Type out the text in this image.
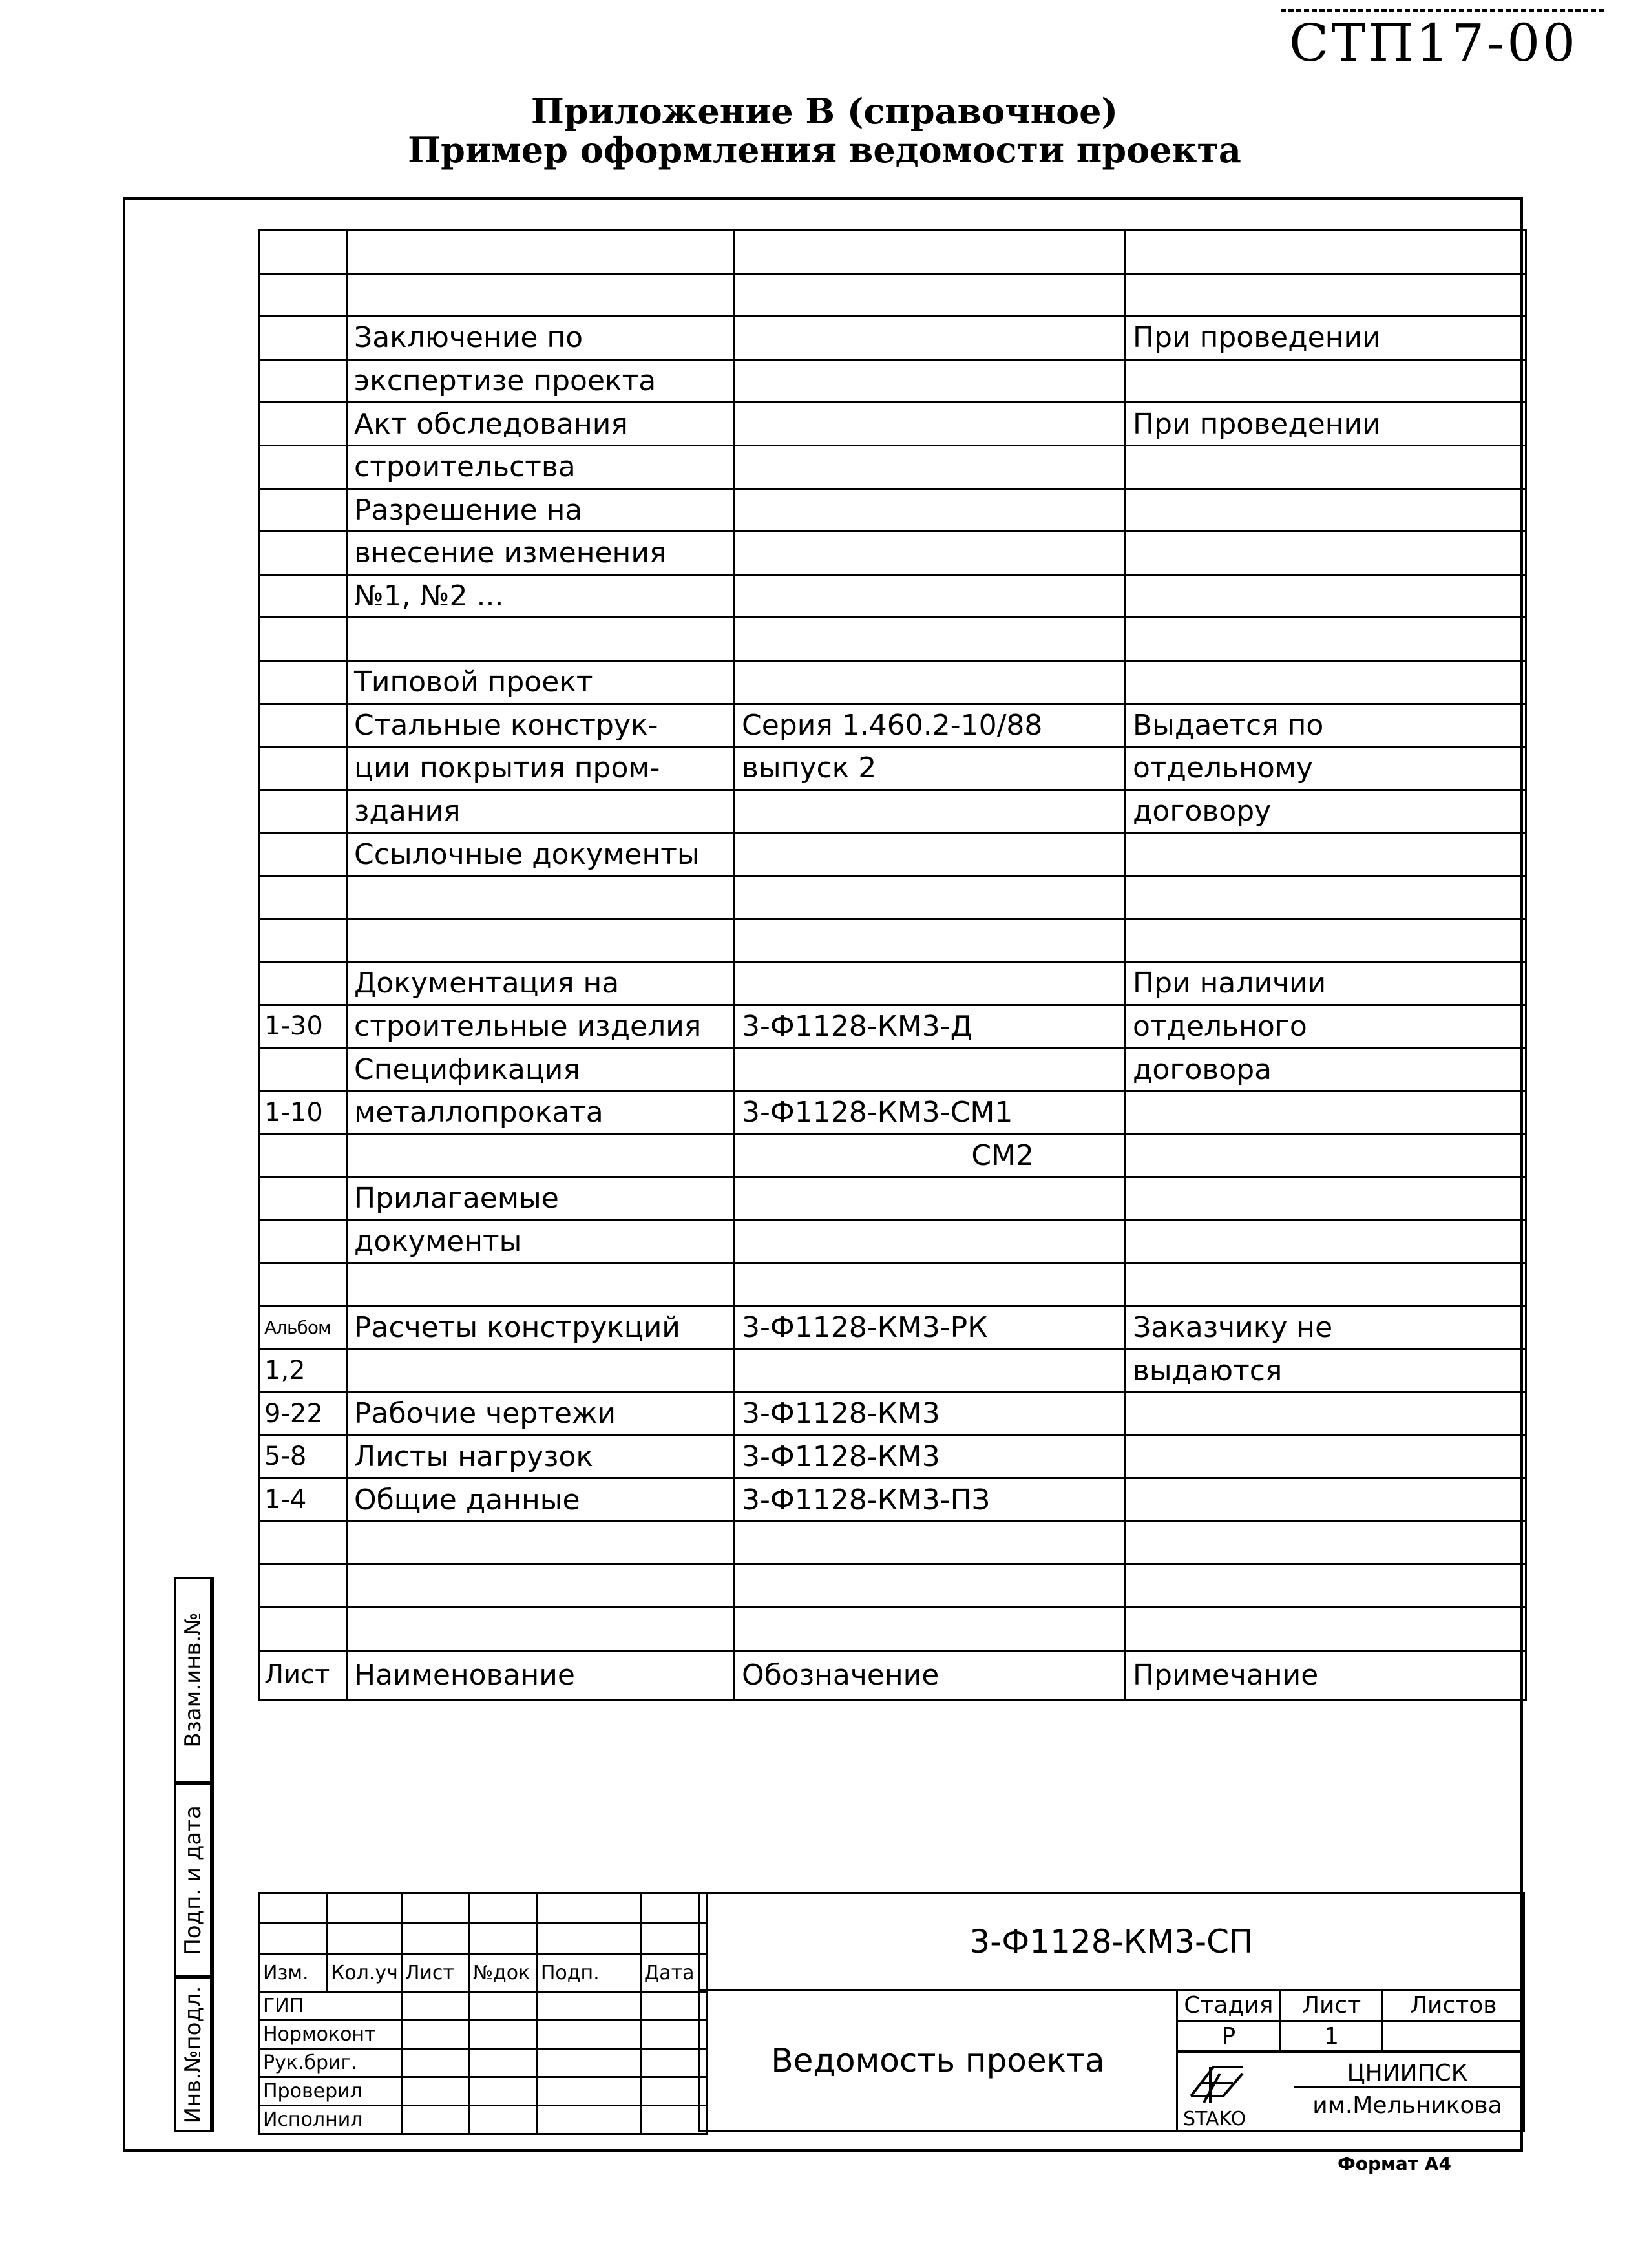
СТП17-00
Приложение В (справочное)
Пример оформления ведомости проекта

	Заключение по		При проведении
	экспертизе проекта		
	Акт обследования		При проведении
	строительства		
	Разрешение на		
	внесение изменения		
	№1, №2 ...		

	Типовой проект		
	Стальные конструк-	Серия 1.460.2-10/88	Выдается по
	ции покрытия пром-	выпуск 2	отдельному
	здания		договору
	Ссылочные документы		

	Документация на		При наличии
1-30	строительные изделия	3-Ф1128-КМ3-Д	отдельного
	Спецификация		договора
1-10	металлопроката	3-Ф1128-КМ3-СМ1	
		СМ2	
	Прилагаемые		
	документы		

Альбом	Расчеты конструкций	3-Ф1128-КМ3-РК	Заказчику не
1,2			выдаются
9-22	Рабочие чертежи	3-Ф1128-КМ3	
5-8	Листы нагрузок	3-Ф1128-КМ3	
1-4	Общие данные	3-Ф1128-КМ3-ПЗ	

Лист	Наименование	Обозначение	Примечание
Взам.инв.№
Подп. и дата
Инв.№подл.

Изм.	Кол.уч	Лист	№док	Подп.	Дата
ГИП					
Нормоконт					
Рук.бриг.					
Проверил					
Исполнил					
3-Ф1128-КМ3-СП
Ведомость проекта
Стадия	Лист	Листов
Р	1	
STAKO
ЦНИИПСК
им.Мельникова
Формат А4
